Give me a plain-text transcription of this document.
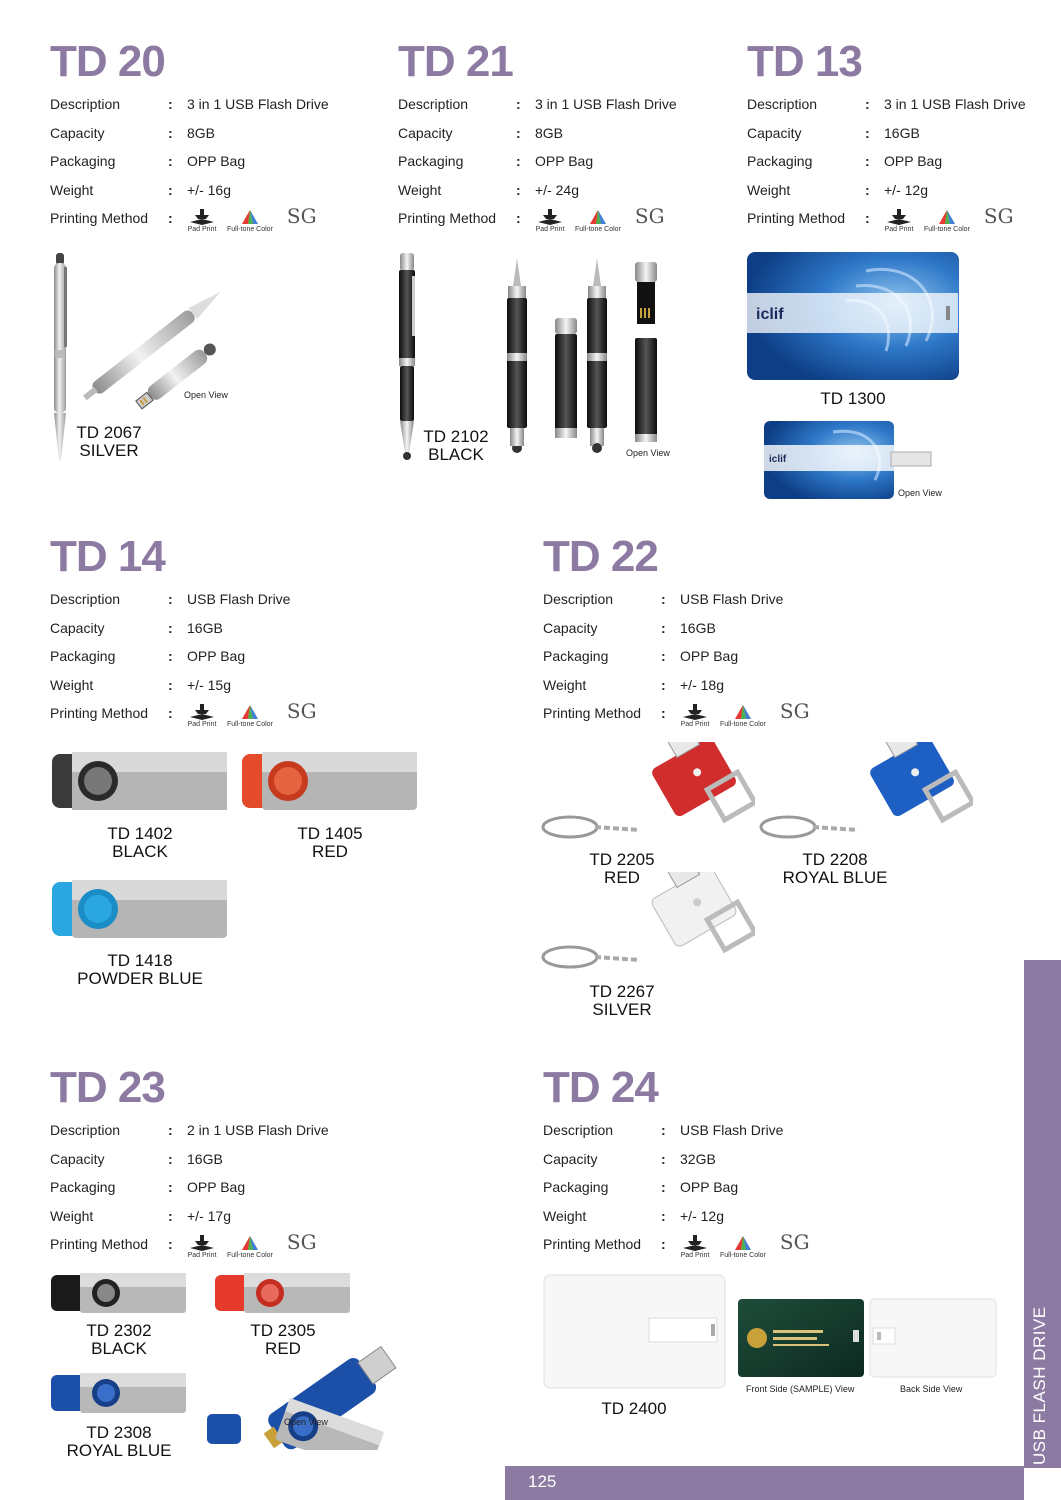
TD 20
Description	:	3 in 1 USB Flash Drive
Capacity	:	8GB
Packaging	:	OPP Bag
Weight	:	+/- 16g
Printing Method	:
Pad Print Full-tone Color
SG
TD 21
Description	:	3 in 1 USB Flash Drive
Capacity	:	8GB
Packaging	:	OPP Bag
Weight	:	+/- 24g
Printing Method	:
Pad Print Full-tone Color
SG
TD 13
Description	:	3 in 1 USB Flash Drive
Capacity	:	16GB
Packaging	:	OPP Bag
Weight	:	+/- 12g
Printing Method	:
Pad Print Full-tone Color
SG
TD 14
Description	:	USB Flash Drive
Capacity	:	16GB
Packaging	:	OPP Bag
Weight	:	+/- 15g
Printing Method	:
Pad Print Full-tone Color
SG
TD 22
Description	:	USB Flash Drive
Capacity	:	16GB
Packaging	:	OPP Bag
Weight	:	+/- 18g
Printing Method	:
Pad Print Full-tone Color
SG
TD 23
Description	:	2 in 1 USB Flash Drive
Capacity	:	16GB
Packaging	:	OPP Bag
Weight	:	+/- 17g
Printing Method	:
Pad Print Full-tone Color
SG
TD 24
Description	:	USB Flash Drive
Capacity	:	32GB
Packaging	:	OPP Bag
Weight	:	+/- 12g
Printing Method	:
Pad Print Full-tone Color
SG
Open View
TD 2067
SILVER	Open View
TD 2102
BLACK
iclif
TD 1300
iclif
Open View
TD 1402
BLACK
TD 1405
RED
TD 1418
POWDER BLUE
TD 2205
RED
TD 2208
ROYAL BLUE
TD 2267
SILVER
TD 2302
BLACK
TD 2305
RED
TD 2308
ROYAL BLUE
Open View
TD 2400
Front Side (SAMPLE) View	Back Side View	USB FLASH DRIVE
125
